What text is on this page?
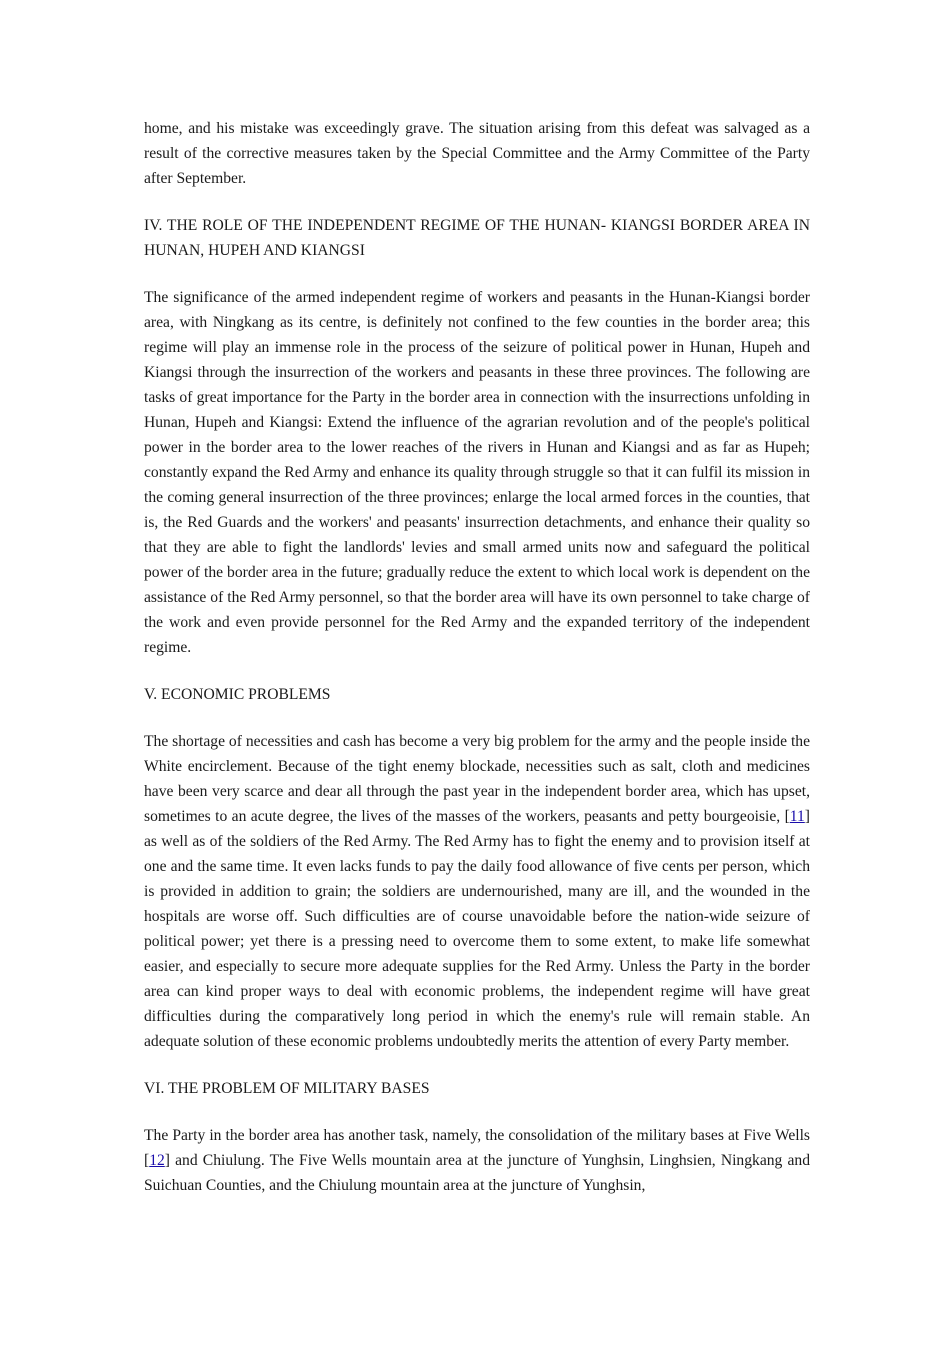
home, and his mistake was exceedingly grave. The situation arising from this defeat was salvaged as a result of the corrective measures taken by the Special Committee and the Army Committee of the Party after September.

IV. THE ROLE OF THE INDEPENDENT REGIME OF THE HUNAN- KIANGSI BORDER AREA IN HUNAN, HUPEH AND KIANGSI

The significance of the armed independent regime of workers and peasants in the Hunan-Kiangsi border area, with Ningkang as its centre, is definitely not confined to the few counties in the border area; this regime will play an immense role in the process of the seizure of political power in Hunan, Hupeh and Kiangsi through the insurrection of the workers and peasants in these three provinces. The following are tasks of great importance for the Party in the border area in connection with the insurrections unfolding in Hunan, Hupeh and Kiangsi: Extend the influence of the agrarian revolution and of the people's political power in the border area to the lower reaches of the rivers in Hunan and Kiangsi and as far as Hupeh; constantly expand the Red Army and enhance its quality through struggle so that it can fulfil its mission in the coming general insurrection of the three provinces; enlarge the local armed forces in the counties, that is, the Red Guards and the workers' and peasants' insurrection detachments, and enhance their quality so that they are able to fight the landlords' levies and small armed units now and safeguard the political power of the border area in the future; gradually reduce the extent to which local work is dependent on the assistance of the Red Army personnel, so that the border area will have its own personnel to take charge of the work and even provide personnel for the Red Army and the expanded territory of the independent regime.

V. ECONOMIC PROBLEMS

The shortage of necessities and cash has become a very big problem for the army and the people inside the White encirclement. Because of the tight enemy blockade, necessities such as salt, cloth and medicines have been very scarce and dear all through the past year in the independent border area, which has upset, sometimes to an acute degree, the lives of the masses of the workers, peasants and petty bourgeoisie, [11] as well as of the soldiers of the Red Army. The Red Army has to fight the enemy and to provision itself at one and the same time. It even lacks funds to pay the daily food allowance of five cents per person, which is provided in addition to grain; the soldiers are undernourished, many are ill, and the wounded in the hospitals are worse off. Such difficulties are of course unavoidable before the nation-wide seizure of political power; yet there is a pressing need to overcome them to some extent, to make life somewhat easier, and especially to secure more adequate supplies for the Red Army. Unless the Party in the border area can kind proper ways to deal with economic problems, the independent regime will have great difficulties during the comparatively long period in which the enemy's rule will remain stable. An adequate solution of these economic problems undoubtedly merits the attention of every Party member.

VI. THE PROBLEM OF MILITARY BASES

The Party in the border area has another task, namely, the consolidation of the military bases at Five Wells [12] and Chiulung. The Five Wells mountain area at the juncture of Yunghsin, Linghsien, Ningkang and Suichuan Counties, and the Chiulung mountain area at the juncture of Yunghsin,
